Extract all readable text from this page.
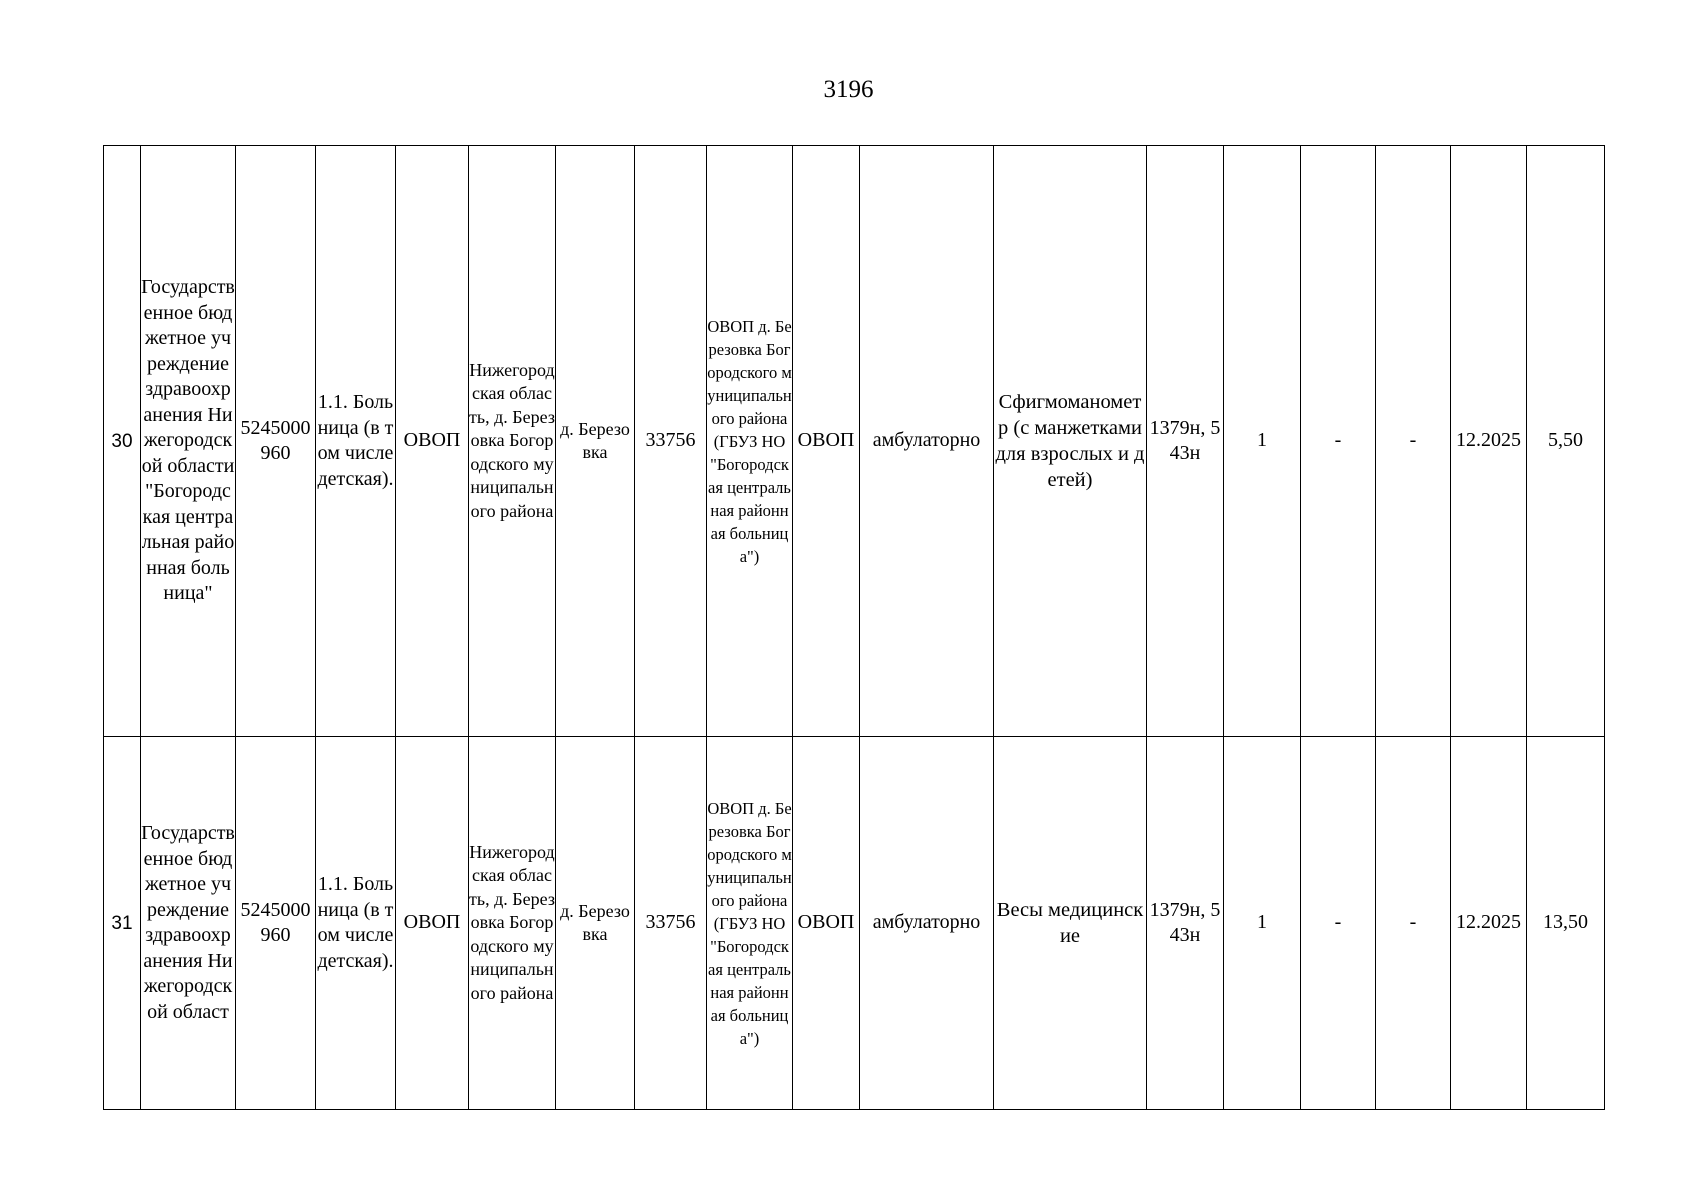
3196
30	Государственное бюджетное учреждение здравоохранения Нижегородской области "Богородская центральная районная больница"	5245000960	1.1. Больница (в том числе детская).	ОВОП	Нижегородская область, д. Березовка Богородского муниципального района	д. Березовка	33756	ОВОП д. Березовка Богородского муниципального района (ГБУЗ НО "Богородская центральная районная больница")	ОВОП	амбулаторно	Сфигмоманометр (с манжетками для взрослых и детей)	1379н, 543н	1	-	-	12.2025	5,50
31	Государственное бюджетное учреждение здравоохранения Нижегородской област	5245000960	1.1. Больница (в том числе детская).	ОВОП	Нижегородская область, д. Березовка Богородского муниципального района	д. Березовка	33756	ОВОП д. Березовка Богородского муниципального района (ГБУЗ НО "Богородская центральная районная больница")	ОВОП	амбулаторно	Весы медицинские	1379н, 543н	1	-	-	12.2025	13,50
